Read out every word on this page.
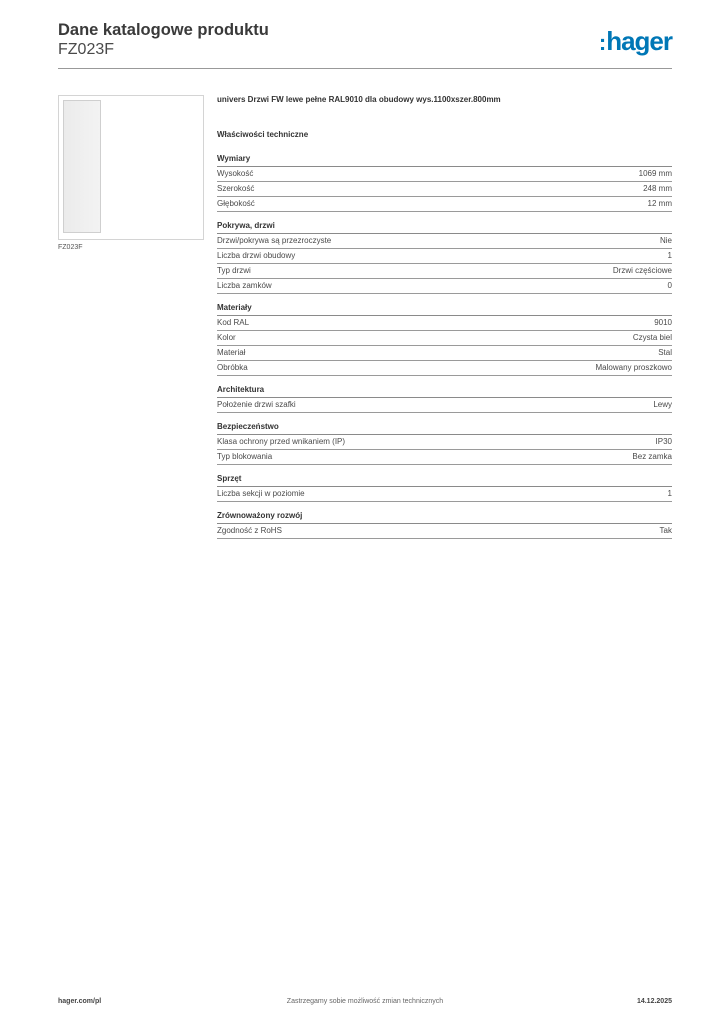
Dane katalogowe produktu
FZ023F	:hager
FZ023F
univers Drzwi FW lewe pełne RAL9010 dla obudowy wys.1100xszer.800mm
Właściwości techniczne
Wymiary
Wysokość	1069 mm
Szerokość	248 mm
Głębokość	12 mm
Pokrywa, drzwi
Drzwi/pokrywa są przezroczyste	Nie
Liczba drzwi obudowy	1
Typ drzwi	Drzwi częściowe
Liczba zamków	0
Materiały
Kod RAL	9010
Kolor	Czysta biel
Materiał	Stal
Obróbka	Malowany proszkowo
Architektura
Położenie drzwi szafki	Lewy
Bezpieczeństwo
Klasa ochrony przed wnikaniem (IP)	IP30
Typ blokowania	Bez zamka
Sprzęt
Liczba sekcji w poziomie	1
Zrównoważony rozwój
Zgodność z RoHS	Tak
hager.com/pl	Zastrzegamy sobie możliwość zmian technicznych	14.12.2025
